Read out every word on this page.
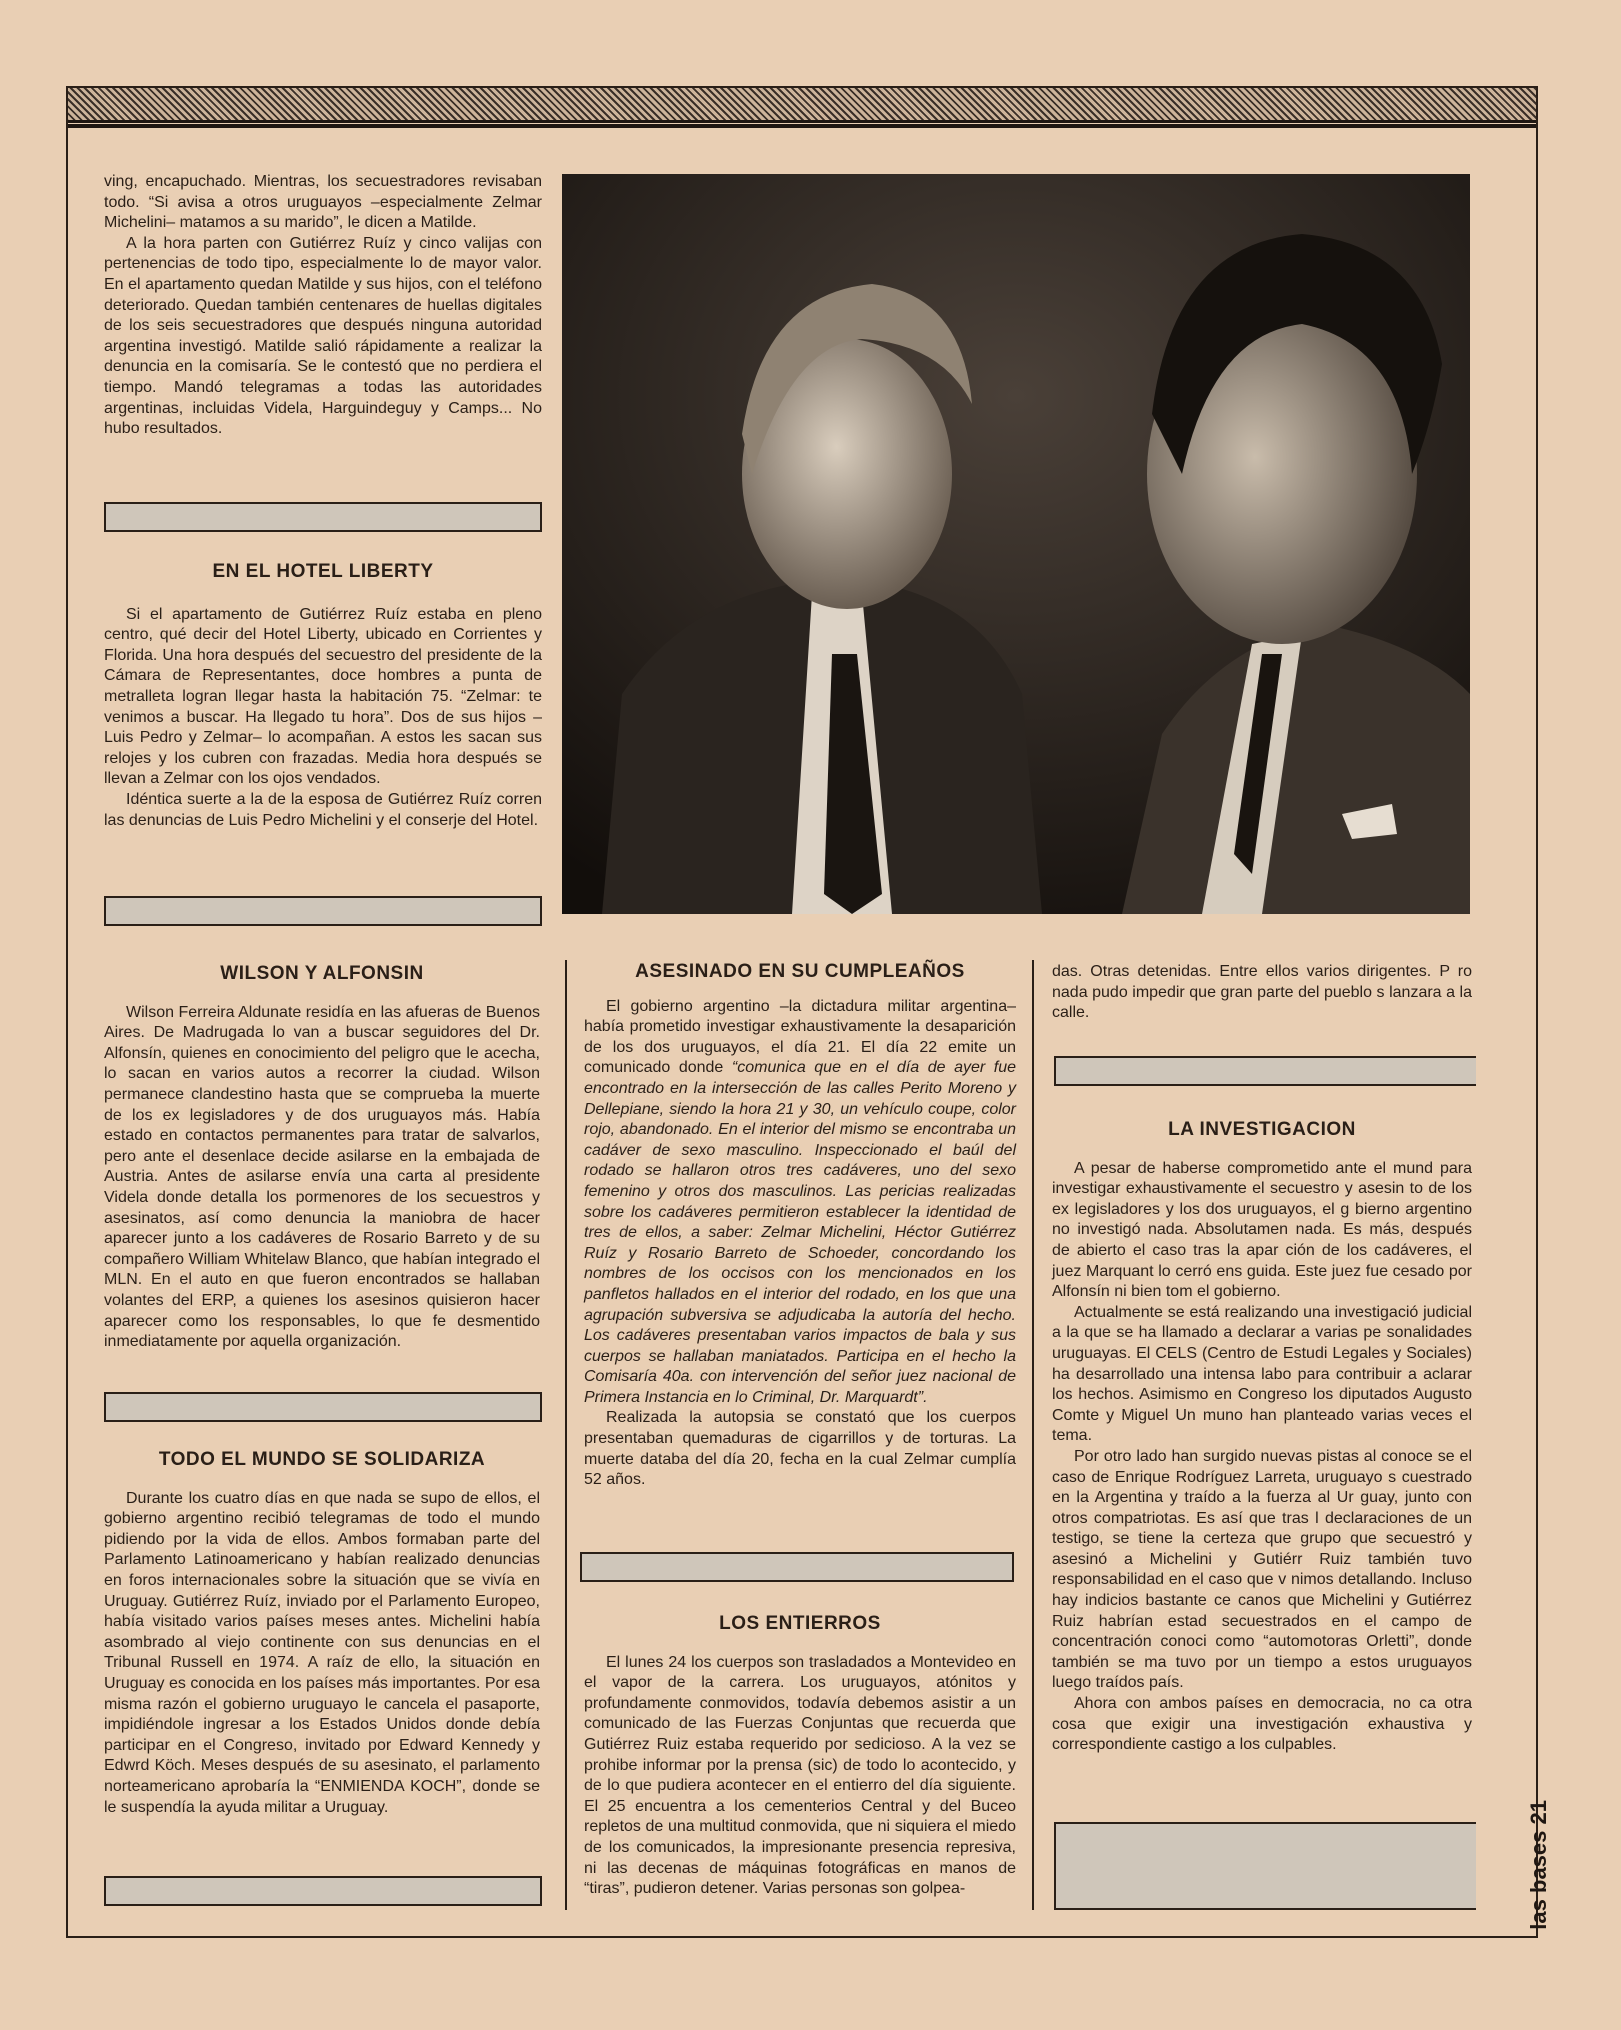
ving, encapuchado. Mientras, los secuestradores revisaban todo. “Si avisa a otros uruguayos –especialmente Zelmar Michelini– matamos a su marido”, le dicen a Matilde.

A la hora parten con Gutiérrez Ruíz y cinco valijas con pertenencias de todo tipo, especialmente lo de mayor valor. En el apartamento quedan Matilde y sus hijos, con el teléfono deteriorado. Quedan también centenares de huellas digitales de los seis secuestradores que después ninguna autoridad argentina investigó. Matilde salió rápidamente a realizar la denuncia en la comisaría. Se le contestó que no perdiera el tiempo. Mandó telegramas a todas las autoridades argentinas, incluidas Videla, Harguindeguy y Camps... No hubo resultados.

EN EL HOTEL LIBERTY

Si el apartamento de Gutiérrez Ruíz estaba en pleno centro, qué decir del Hotel Liberty, ubicado en Corrientes y Florida. Una hora después del secuestro del presidente de la Cámara de Representantes, doce hombres a punta de metralleta logran llegar hasta la habitación 75. “Zelmar: te venimos a buscar. Ha llegado tu hora”. Dos de sus hijos –Luis Pedro y Zelmar– lo acompañan. A estos les sacan sus relojes y los cubren con frazadas. Media hora después se llevan a Zelmar con los ojos vendados.

Idéntica suerte a la de la esposa de Gutiérrez Ruíz corren las denuncias de Luis Pedro Michelini y el conserje del Hotel.

WILSON Y ALFONSIN

Wilson Ferreira Aldunate residía en las afueras de Buenos Aires. De Madrugada lo van a buscar seguidores del Dr. Alfonsín, quienes en conocimiento del peligro que le acecha, lo sacan en varios autos a recorrer la ciudad. Wilson permanece clandestino hasta que se comprueba la muerte de los ex legisladores y de dos uruguayos más. Había estado en contactos permanentes para tratar de salvarlos, pero ante el desenlace decide asilarse en la embajada de Austria. Antes de asilarse envía una carta al presidente Videla donde detalla los pormenores de los secuestros y asesinatos, así como denuncia la maniobra de hacer aparecer junto a los cadáveres de Rosario Barreto y de su compañero William Whitelaw Blanco, que habían integrado el MLN. En el auto en que fueron encontrados se hallaban volantes del ERP, a quienes los asesinos quisieron hacer aparecer como los responsables, lo que fe desmentido inmediatamente por aquella organización.

TODO EL MUNDO SE SOLIDARIZA

Durante los cuatro días en que nada se supo de ellos, el gobierno argentino recibió telegramas de todo el mundo pidiendo por la vida de ellos. Ambos formaban parte del Parlamento Latinoamericano y habían realizado denuncias en foros internacionales sobre la situación que se vivía en Uruguay. Gutiérrez Ruíz, inviado por el Parlamento Europeo, había visitado varios países meses antes. Michelini había asombrado al viejo continente con sus denuncias en el Tribunal Russell en 1974. A raíz de ello, la situación en Uruguay es conocida en los países más importantes. Por esa misma razón el gobierno uruguayo le cancela el pasaporte, impidiéndole ingresar a los Estados Unidos donde debía participar en el Congreso, invitado por Edward Kennedy y Edwrd Köch. Meses después de su asesinato, el parlamento norteamericano aprobaría la “ENMIENDA KOCH”, donde se le suspendía la ayuda militar a Uruguay.

ASESINADO EN SU CUMPLEAÑOS

El gobierno argentino –la dictadura militar argentina– había prometido investigar exhaustivamente la desaparición de los dos uruguayos, el día 21. El día 22 emite un comunicado donde “comunica que en el día de ayer fue encontrado en la intersección de las calles Perito Moreno y Dellepiane, siendo la hora 21 y 30, un vehículo coupe, color rojo, abandonado. En el interior del mismo se encontraba un cadáver de sexo masculino. Inspeccionado el baúl del rodado se hallaron otros tres cadáveres, uno del sexo femenino y otros dos masculinos. Las pericias realizadas sobre los cadáveres permitieron establecer la identidad de tres de ellos, a saber: Zelmar Michelini, Héctor Gutiérrez Ruíz y Rosario Barreto de Schoeder, concordando los nombres de los occisos con los mencionados en los panfletos hallados en el interior del rodado, en los que una agrupación subversiva se adjudicaba la autoría del hecho. Los cadáveres presentaban varios impactos de bala y sus cuerpos se hallaban maniatados. Participa en el hecho la Comisaría 40a. con intervención del señor juez nacional de Primera Instancia en lo Criminal, Dr. Marquardt”.

Realizada la autopsia se constató que los cuerpos presentaban quemaduras de cigarrillos y de torturas. La muerte databa del día 20, fecha en la cual Zelmar cumplía 52 años.

LOS ENTIERROS

El lunes 24 los cuerpos son trasladados a Montevideo en el vapor de la carrera. Los uruguayos, atónitos y profundamente conmovidos, todavía debemos asistir a un comunicado de las Fuerzas Conjuntas que recuerda que Gutiérrez Ruiz estaba requerido por sedicioso. A la vez se prohibe informar por la prensa (sic) de todo lo acontecido, y de lo que pudiera acontecer en el entierro del día siguiente. El 25 encuentra a los cementerios Central y del Buceo repletos de una multitud conmovida, que ni siquiera el miedo de los comunicados, la impresionante presencia represiva, ni las decenas de máquinas fotográficas en manos de “tiras”, pudieron detener. Varias personas son golpea-

das. Otras detenidas. Entre ellos varios dirigentes. P ro nada pudo impedir que gran parte del pueblo s lanzara a la calle.

LA INVESTIGACION

A pesar de haberse comprometido ante el mund para investigar exhaustivamente el secuestro y asesin to de los ex legisladores y los dos uruguayos, el g bierno argentino no investigó nada. Absolutamen nada. Es más, después de abierto el caso tras la apar ción de los cadáveres, el juez Marquant lo cerró ens guida. Este juez fue cesado por Alfonsín ni bien tom el gobierno.

Actualmente se está realizando una investigació judicial a la que se ha llamado a declarar a varias pe sonalidades uruguayas. El CELS (Centro de Estudi Legales y Sociales) ha desarrollado una intensa labo para contribuir a aclarar los hechos. Asimismo en Congreso los diputados Augusto Comte y Miguel Un muno han planteado varias veces el tema.

Por otro lado han surgido nuevas pistas al conoce se el caso de Enrique Rodríguez Larreta, uruguayo s cuestrado en la Argentina y traído a la fuerza al Ur guay, junto con otros compatriotas. Es así que tras l declaraciones de un testigo, se tiene la certeza que grupo que secuestró y asesinó a Michelini y Gutiérr Ruiz también tuvo responsabilidad en el caso que v nimos detallando. Incluso hay indicios bastante ce canos que Michelini y Gutiérrez Ruiz habrían estad secuestrados en el campo de concentración conoci como “automotoras Orletti”, donde también se ma tuvo por un tiempo a estos uruguayos luego traídos país.

Ahora con ambos países en democracia, no ca otra cosa que exigir una investigación exhaustiva y correspondiente castigo a los culpables.

las bases 21
